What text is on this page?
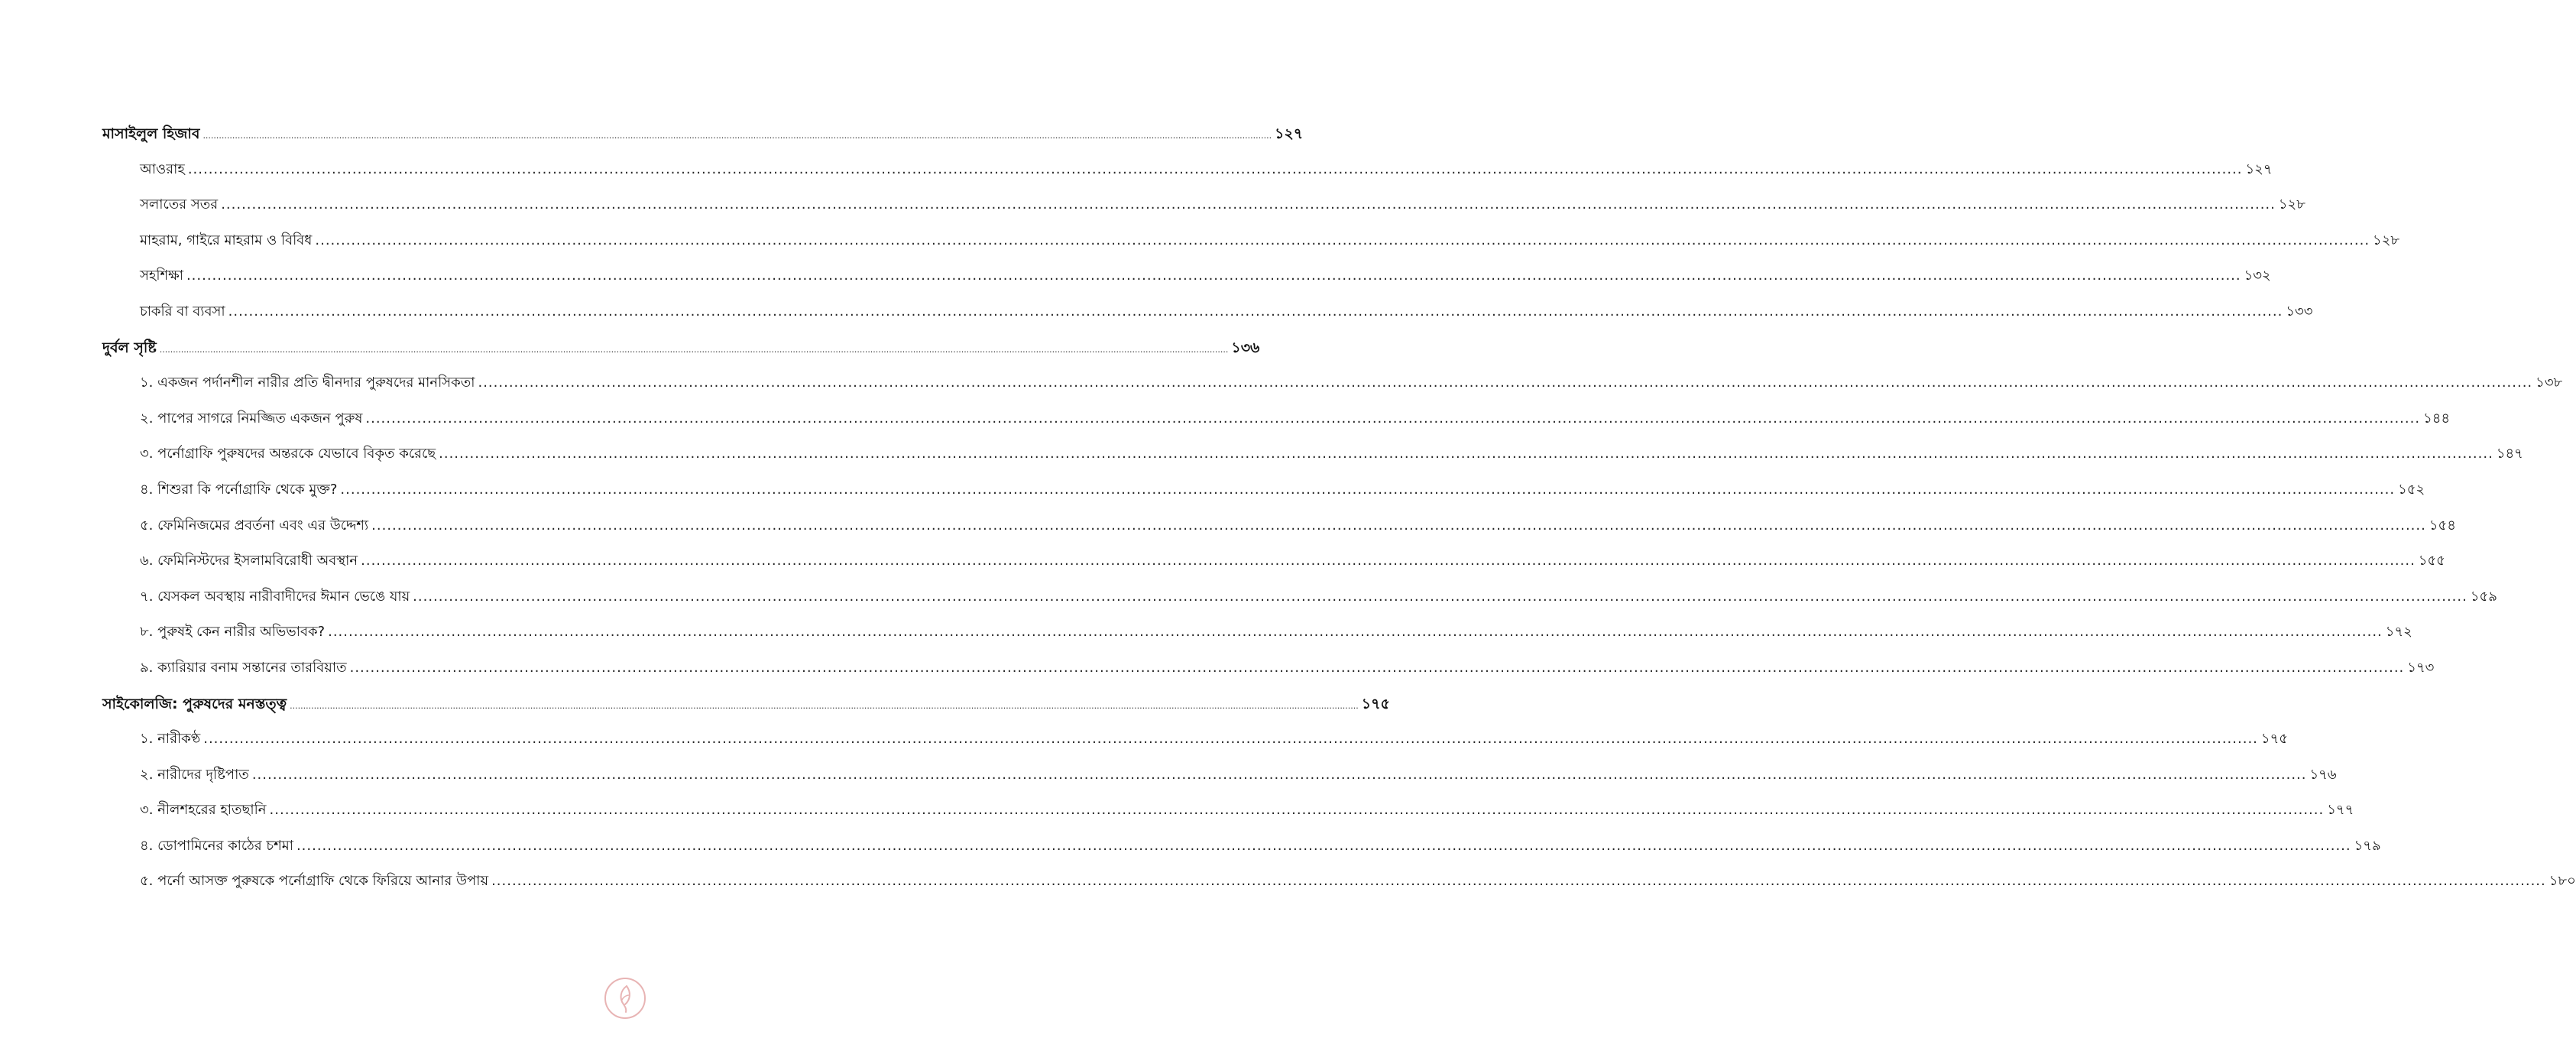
মাসাইলুল হিজাব ................................................................................................................................................................................................................................................................................................................................................................................................................ ১২৭
আওরাহ ................................................................................................................................................................................................................................................................................................................................................................................................................ ১২৭
সলাতের সতর ................................................................................................................................................................................................................................................................................................................................................................................................................ ১২৮
মাহরাম, গাইরে মাহরাম ও বিবিধ ................................................................................................................................................................................................................................................................................................................................................................................................................ ১২৮
সহশিক্ষা ................................................................................................................................................................................................................................................................................................................................................................................................................ ১৩২
চাকরি বা ব্যবসা ................................................................................................................................................................................................................................................................................................................................................................................................................ ১৩৩
দুর্বল সৃষ্টি ................................................................................................................................................................................................................................................................................................................................................................................................................ ১৩৬
১. একজন পর্দানশীল নারীর প্রতি দ্বীনদার পুরুষদের মানসিকতা ................................................................................................................................................................................................................................................................................................................................................................................................................ ১৩৮
২. পাপের সাগরে নিমজ্জিত একজন পুরুষ ................................................................................................................................................................................................................................................................................................................................................................................................................ ১৪৪
৩. পর্নোগ্রাফি পুরুষদের অন্তরকে যেভাবে বিকৃত করেছে ................................................................................................................................................................................................................................................................................................................................................................................................................ ১৪৭
৪. শিশুরা কি পর্নোগ্রাফি থেকে মুক্ত? ................................................................................................................................................................................................................................................................................................................................................................................................................ ১৫২
৫. ফেমিনিজমের প্রবর্তনা এবং এর উদ্দেশ্য ................................................................................................................................................................................................................................................................................................................................................................................................................ ১৫৪
৬. ফেমিনিস্টদের ইসলামবিরোধী অবস্থান ................................................................................................................................................................................................................................................................................................................................................................................................................ ১৫৫
৭. যেসকল অবস্থায় নারীবাদীদের ঈমান ভেঙে যায় ................................................................................................................................................................................................................................................................................................................................................................................................................ ১৫৯
৮. পুরুষই কেন নারীর অভিভাবক? ................................................................................................................................................................................................................................................................................................................................................................................................................ ১৭২
৯. ক্যারিয়ার বনাম সন্তানের তারবিয়াত ................................................................................................................................................................................................................................................................................................................................................................................................................ ১৭৩
সাইকোলজি: পুরুষদের মনস্তত্ত্ব ................................................................................................................................................................................................................................................................................................................................................................................................................ ১৭৫
১. নারীকণ্ঠ ................................................................................................................................................................................................................................................................................................................................................................................................................ ১৭৫
২. নারীদের দৃষ্টিপাত ................................................................................................................................................................................................................................................................................................................................................................................................................ ১৭৬
৩. নীলশহরের হাতছানি ................................................................................................................................................................................................................................................................................................................................................................................................................ ১৭৭
৪. ডোপামিনের কাঠের চশমা ................................................................................................................................................................................................................................................................................................................................................................................................................ ১৭৯
৫. পর্নো আসক্ত পুরুষকে পর্নোগ্রাফি থেকে ফিরিয়ে আনার উপায় ................................................................................................................................................................................................................................................................................................................................................................................................................ ১৮০
